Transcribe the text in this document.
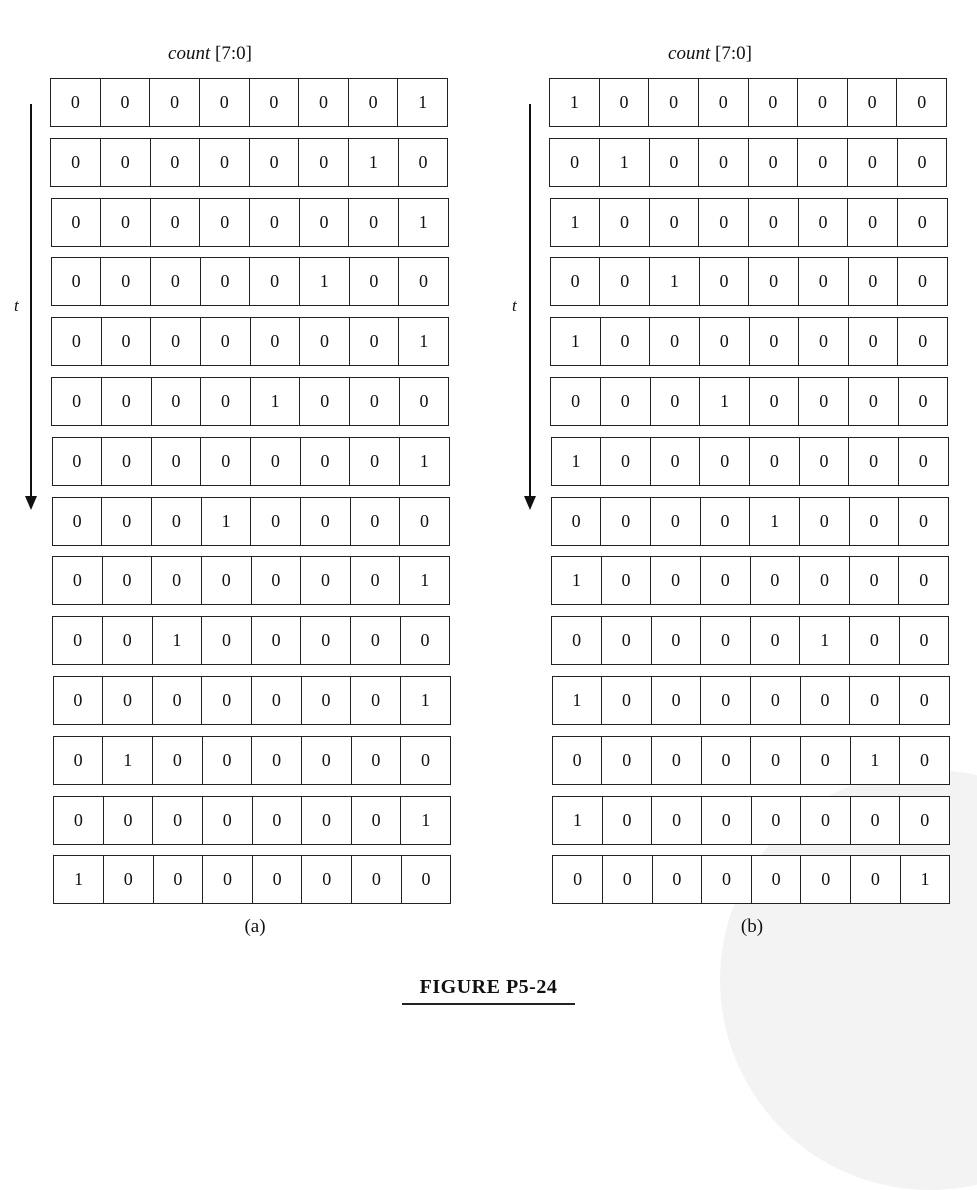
count [7:0]
t
0	0	0	0	0	0	0	1
0	0	0	0	0	0	1	0
0	0	0	0	0	0	0	1
0	0	0	0	0	1	0	0
0	0	0	0	0	0	0	1
0	0	0	0	1	0	0	0
0	0	0	0	0	0	0	1
0	0	0	1	0	0	0	0
0	0	0	0	0	0	0	1
0	0	1	0	0	0	0	0
0	0	0	0	0	0	0	1
0	1	0	0	0	0	0	0
0	0	0	0	0	0	0	1
1	0	0	0	0	0	0	0
(a)
count [7:0]
t
1	0	0	0	0	0	0	0
0	1	0	0	0	0	0	0
1	0	0	0	0	0	0	0
0	0	1	0	0	0	0	0
1	0	0	0	0	0	0	0
0	0	0	1	0	0	0	0
1	0	0	0	0	0	0	0
0	0	0	0	1	0	0	0
1	0	0	0	0	0	0	0
0	0	0	0	0	1	0	0
1	0	0	0	0	0	0	0
0	0	0	0	0	0	1	0
1	0	0	0	0	0	0	0
0	0	0	0	0	0	0	1
(b)
FIGURE P5-24
